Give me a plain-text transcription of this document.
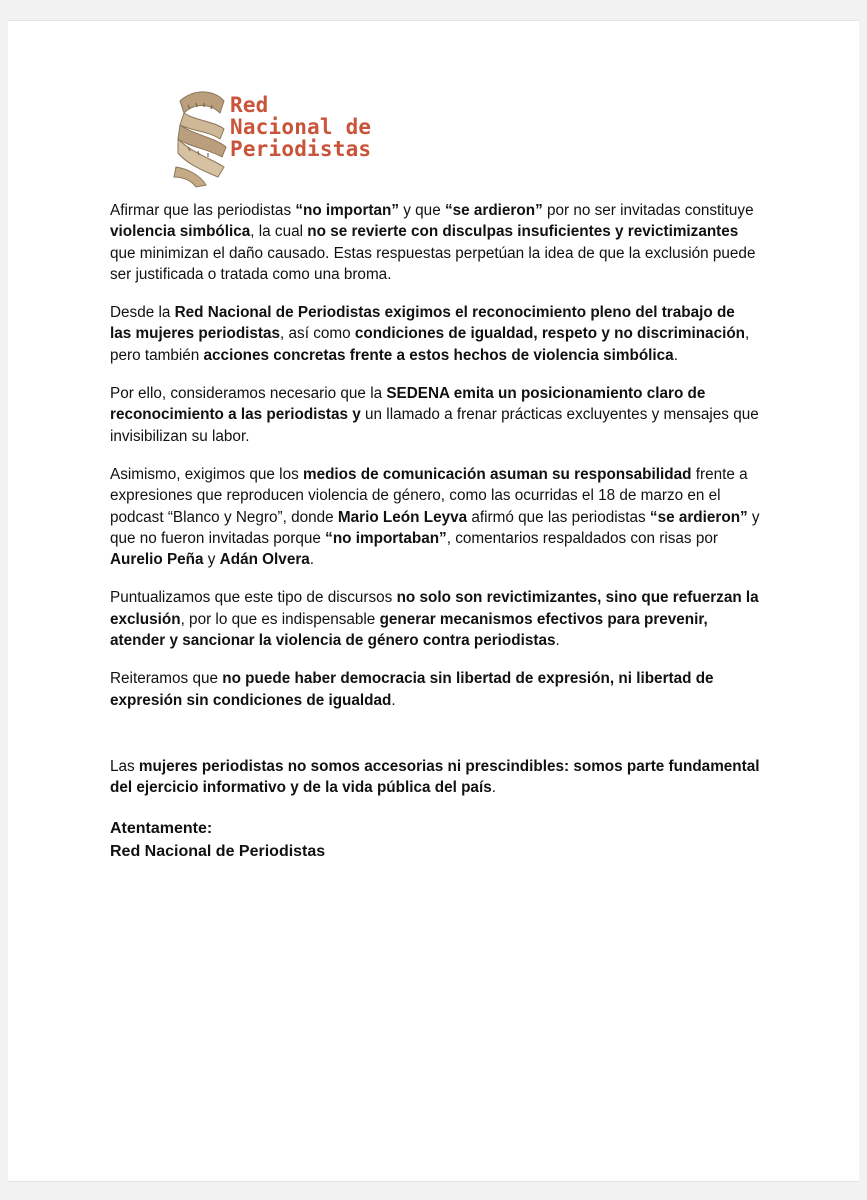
Red
Nacional de
Periodistas

Afirmar que las periodistas “no importan” y que “se ardieron” por no ser invitadas constituye violencia simbólica, la cual no se revierte con disculpas insuficientes y revictimizantes que minimizan el daño causado. Estas respuestas perpetúan la idea de que la exclusión puede ser justificada o tratada como una broma.

Desde la Red Nacional de Periodistas exigimos el reconocimiento pleno del trabajo de las mujeres periodistas, así como condiciones de igualdad, respeto y no discriminación, pero también acciones concretas frente a estos hechos de violencia simbólica.

Por ello, consideramos necesario que la SEDENA emita un posicionamiento claro de reconocimiento a las periodistas y un llamado a frenar prácticas excluyentes y mensajes que invisibilizan su labor.

Asimismo, exigimos que los medios de comunicación asuman su responsabilidad frente a expresiones que reproducen violencia de género, como las ocurridas el 18 de marzo en el podcast “Blanco y Negro”, donde Mario León Leyva afirmó que las periodistas “se ardieron” y que no fueron invitadas porque “no importaban”, comentarios respaldados con risas por Aurelio Peña y Adán Olvera.

Puntualizamos que este tipo de discursos no solo son revictimizantes, sino que refuerzan la exclusión, por lo que es indispensable generar mecanismos efectivos para prevenir, atender y sancionar la violencia de género contra periodistas.

Reiteramos que no puede haber democracia sin libertad de expresión, ni libertad de expresión sin condiciones de igualdad.

Las mujeres periodistas no somos accesorias ni prescindibles: somos parte fundamental del ejercicio informativo y de la vida pública del país.

Atentamente:
Red Nacional de Periodistas
